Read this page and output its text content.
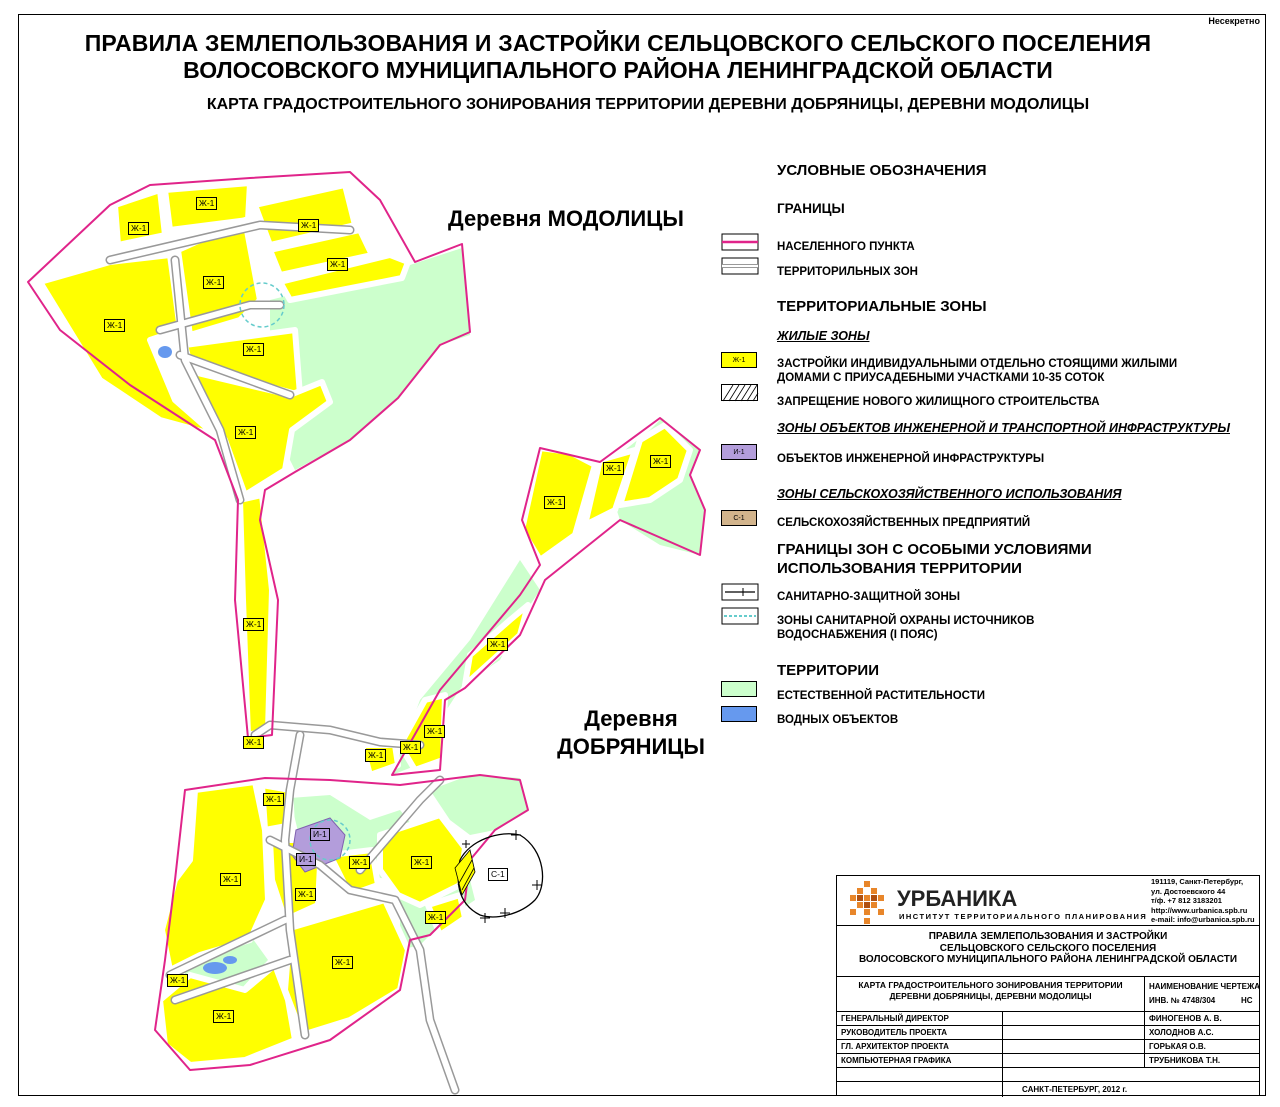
Несекретно
ПРАВИЛА ЗЕМЛЕПОЛЬЗОВАНИЯ И ЗАСТРОЙКИ СЕЛЬЦОВСКОГО СЕЛЬСКОГО ПОСЕЛЕНИЯ
ВОЛОСОВСКОГО МУНИЦИПАЛЬНОГО РАЙОНА ЛЕНИНГРАДСКОЙ ОБЛАСТИ
КАРТА ГРАДОСТРОИТЕЛЬНОГО ЗОНИРОВАНИЯ ТЕРРИТОРИИ ДЕРЕВНИ ДОБРЯНИЦЫ, ДЕРЕВНИ МОДОЛИЦЫ
Ж-1
Ж-1
Ж-1
Ж-1
Ж-1
Ж-1
Ж-1
Ж-1
Ж-1
Ж-1
Ж-1
Ж-1
Ж-1
Ж-1
Ж-1
Ж-1
Ж-1
Ж-1
Ж-1
Ж-1
Ж-1	Ж-1
Ж-1
Ж-1
Ж-1
И-1
И-1
С-1
Ж-1
Деревня МОДОЛИЦЫ
Деревня
ДОБРЯНИЦЫ
УСЛОВНЫЕ ОБОЗНАЧЕНИЯ
ГРАНИЦЫ
НАСЕЛЕННОГО ПУНКТА
ТЕРРИТОРИЛЬНЫХ ЗОН
ТЕРРИТОРИАЛЬНЫЕ ЗОНЫ
ЖИЛЫЕ ЗОНЫ
Ж-1	ЗАСТРОЙКИ ИНДИВИДУАЛЬНЫМИ ОТДЕЛЬНО СТОЯЩИМИ ЖИЛЫМИ
ДОМАМИ С ПРИУСАДЕБНЫМИ УЧАСТКАМИ 10-35 СОТОК
ЗАПРЕЩЕНИЕ НОВОГО ЖИЛИЩНОГО СТРОИТЕЛЬСТВА
ЗОНЫ ОБЪЕКТОВ ИНЖЕНЕРНОЙ И ТРАНСПОРТНОЙ ИНФРАСТРУКТУРЫ
И-1
ОБЪЕКТОВ ИНЖЕНЕРНОЙ ИНФРАСТРУКТУРЫ
ЗОНЫ СЕЛЬСКОХОЗЯЙСТВЕННОГО ИСПОЛЬЗОВАНИЯ
С-1	СЕЛЬСКОХОЗЯЙСТВЕННЫХ ПРЕДПРИЯТИЙ
ГРАНИЦЫ ЗОН С ОСОБЫМИ УСЛОВИЯМИ
ИСПОЛЬЗОВАНИЯ ТЕРРИТОРИИ
САНИТАРНО-ЗАЩИТНОЙ ЗОНЫ
ЗОНЫ САНИТАРНОЙ ОХРАНЫ ИСТОЧНИКОВ
ВОДОСНАБЖЕНИЯ (I ПОЯС)
ТЕРРИТОРИИ
ЕСТЕСТВЕННОЙ РАСТИТЕЛЬНОСТИ
ВОДНЫХ ОБЪЕКТОВ
УРБАНИКА
ИНСТИТУТ ТЕРРИТОРИАЛЬНОГО ПЛАНИРОВАНИЯ
191119, Санкт-Петербург,
ул. Достоевского 44
т/ф. +7 812 3183201
http://www.urbanica.spb.ru
e-mail: info@urbanica.spb.ru
ПРАВИЛА ЗЕМЛЕПОЛЬЗОВАНИЯ И ЗАСТРОЙКИ
СЕЛЬЦОВСКОГО СЕЛЬСКОГО ПОСЕЛЕНИЯ
ВОЛОСОВСКОГО МУНИЦИПАЛЬНОГО РАЙОНА ЛЕНИНГРАДСКОЙ ОБЛАСТИ
КАРТА ГРАДОСТРОИТЕЛЬНОГО ЗОНИРОВАНИЯ ТЕРРИТОРИИ
ДЕРЕВНИ ДОБРЯНИЦЫ, ДЕРЕВНИ МОДОЛИЦЫ
НАИМЕНОВАНИЕ ЧЕРТЕЖА
ИНВ. № 4748/304	НС
ГЕНЕРАЛЬНЫЙ ДИРЕКТОР	ФИНОГЕНОВ А. В.
РУКОВОДИТЕЛЬ ПРОЕКТА	ХОЛОДНОВ А.С.
ГЛ. АРХИТЕКТОР ПРОЕКТА	ГОРЬКАЯ О.В.
КОМПЬЮТЕРНАЯ ГРАФИКА	ТРУБНИКОВА Т.Н.
САНКТ-ПЕТЕРБУРГ, 2012 г.
